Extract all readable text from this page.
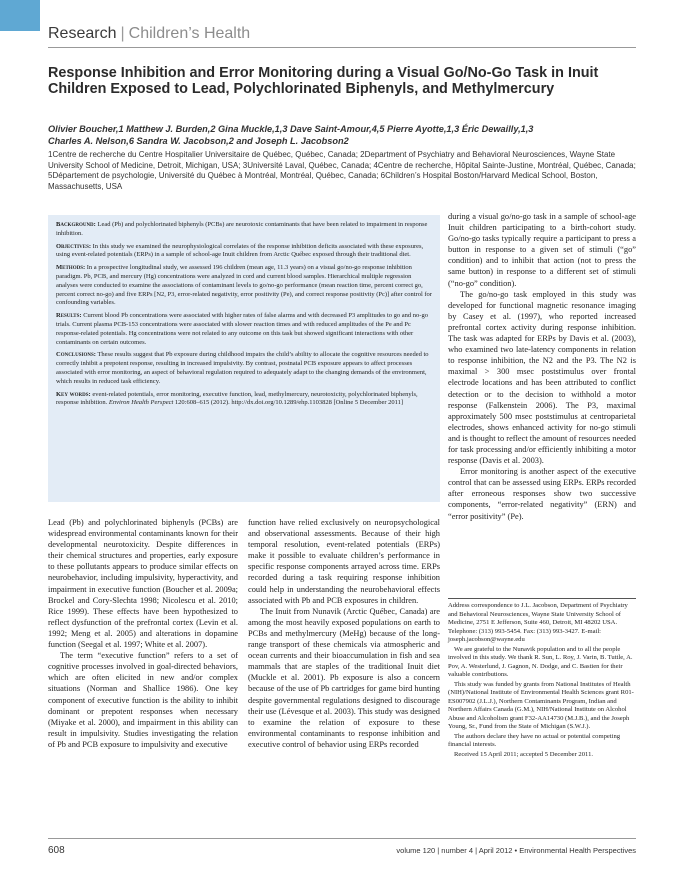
Research | Children’s Health
Response Inhibition and Error Monitoring during a Visual Go/No-Go Task in Inuit Children Exposed to Lead, Polychlorinated Biphenyls, and Methylmercury
Olivier Boucher,1 Matthew J. Burden,2 Gina Muckle,1,3 Dave Saint-Amour,4,5 Pierre Ayotte,1,3 Éric Dewailly,1,3
Charles A. Nelson,6 Sandra W. Jacobson,2 and Joseph L. Jacobson2
1Centre de recherche du Centre Hospitalier Universitaire de Québec, Québec, Canada; 2Department of Psychiatry and Behavioral Neurosciences, Wayne State University School of Medicine, Detroit, Michigan, USA; 3Université Laval, Québec, Canada; 4Centre de recherche, Hôpital Sainte-Justine, Montréal, Québec, Canada; 5Département de psychologie, Université du Québec à Montréal, Montréal, Québec, Canada; 6Children’s Hospital Boston/Harvard Medical School, Boston, Massachusetts, USA

Background: Lead (Pb) and polychlorinated biphenyls (PCBs) are neurotoxic contaminants that have been related to impairment in response inhibition.

Objectives: In this study we examined the neurophysiological correlates of the response inhibition deficits associated with these exposures, using event-related potentials (ERPs) in a sample of school-age Inuit children from Arctic Québec exposed through their traditional diet.

Methods: In a prospective longitudinal study, we assessed 196 children (mean age, 11.3 years) on a visual go/no-go response inhibition paradigm. Pb, PCB, and mercury (Hg) concentrations were analyzed in cord and current blood samples. Hierarchical multiple regression analyses were conducted to examine the associations of contaminant levels to go/no-go performance (mean reaction time, percent correct go, percent correct no-go) and five ERPs [N2, P3, error-related negativity, error positivity (Pe), and correct response positivity (Pc)] after control for confounding variables.

Results: Current blood Pb concentrations were associated with higher rates of false alarms and with decreased P3 amplitudes to go and no-go trials. Current plasma PCB-153 concentrations were associated with slower reaction times and with reduced amplitudes of the Pe and Pc response-related potentials. Hg concentrations were not related to any outcome on this task but showed significant interactions with other contaminants on certain outcomes.

Conclusions: These results suggest that Pb exposure during childhood impairs the child’s ability to allocate the cognitive resources needed to correctly inhibit a prepotent response, resulting in increased impulsivity. By contrast, postnatal PCB exposure appears to affect processes associated with error monitoring, an aspect of behavioral regulation required to adequately adapt to the changing demands of the environment, which results in reduced task efficiency.

Key words: event-related potentials, error monitoring, executive function, lead, methylmercury, neurotoxicity, polychlorinated biphenyls, response inhibition. Environ Health Perspect 120:608–615 (2012). http://dx.doi.org/10.1289/ehp.1103828 [Online 5 December 2011]

Lead (Pb) and polychlorinated biphenyls (PCBs) are widespread environmental contaminants known for their developmental neurotoxicity. Despite differences in their chemical structures and properties, early exposure to these pollutants appears to produce similar effects on neurobehavior, including impulsivity, hyperactivity, and impairment in executive function (Boucher et al. 2009a; Brockel and Cory-Slechta 1998; Nicolescu et al. 2010; Rice 1999). These effects have been hypothesized to reflect dysfunction of the prefrontal cortex (Levin et al. 1992; Meng et al. 2005) and alterations in dopamine function (Seegal et al. 1997; White et al. 2007).

The term “executive function” refers to a set of cognitive processes involved in goal-directed behaviors, which are often elicited in new and/or complex situations (Norman and Shallice 1986). One key component of executive function is the ability to inhibit dominant or prepotent responses when necessary (Miyake et al. 2000), and impairment in this ability can result in impulsivity. Studies investigating the relation of Pb and PCB exposure to impulsivity and executive

function have relied exclusively on neuropsychological and observational assessments. Because of their high temporal resolution, event-related potentials (ERPs) make it possible to evaluate children’s performance in specific response components arrayed across time. ERPs recorded during a task requiring response inhibition could help in understanding the neurobehavioral effects associated with Pb and PCB exposures in children.

The Inuit from Nunavik (Arctic Québec, Canada) are among the most heavily exposed populations on earth to PCBs and methylmercury (MeHg) because of the long-range transport of these chemicals via atmospheric and ocean currents and their bioaccumulation in fish and sea mammals that are staples of the traditional Inuit diet (Muckle et al. 2001). Pb exposure is also a concern because of the use of Pb cartridges for game bird hunting despite governmental regulations designed to discourage their use (Lévesque et al. 2003). This study was designed to examine the relation of exposure to these environmental contaminants to response inhibition and executive control of behavior using ERPs recorded

during a visual go/no-go task in a sample of school-age Inuit children participating to a birth-cohort study. Go/no-go tasks typically require a participant to press a button in response to a given set of stimuli (“go” condition) and to inhibit that action (not to press the same button) in response to a different set of stimuli (“no-go” condition).

The go/no-go task employed in this study was developed for functional magnetic resonance imaging by Casey et al. (1997), who reported increased prefrontal cortex activity during response inhibition. The task was adapted for ERPs by Davis et al. (2003), who examined two late-latency components in relation to response inhibition, the N2 and the P3. The N2 is maximal > 300 msec poststimulus over frontal electrode locations and has been attributed to conflict detection or to the decision to withhold a motor response (Falkenstein 2006). The P3, maximal approximately 500 msec poststimulus at centroparietal electrodes, shows enhanced activity for no-go stimuli and is thought to reflect the amount of resources needed for task processing and/or efficiently inhibiting a motor response (Davis et al. 2003).

Error monitoring is another aspect of the executive control that can be assessed using ERPs. ERPs recorded after erroneous responses show two successive components, “error-related negativity” (ERN) and “error positivity” (Pe).

Address correspondence to J.L. Jacobson, Department of Psychiatry and Behavioral Neurosciences, Wayne State University School of Medicine, 2751 E Jefferson, Suite 460, Detroit, MI 48202 USA. Telephone: (313) 993-5454. Fax: (313) 993-3427. E-mail: joseph.jacobson@wayne.edu

We are grateful to the Nunavik population and to all the people involved in this study. We thank R. Sun, L. Roy, J. Varin, B. Tuttle, A. Pov, A. Westerlund, J. Gagnon, N. Dodge, and C. Bastien for their valuable contributions.

This study was funded by grants from National Institutes of Health (NIH)/National Institute of Environmental Health Sciences grant R01-ES007902 (J.L.J.), Northern Contaminants Program, Indian and Northern Affairs Canada (G.M.), NIH/National Institute on Alcohol Abuse and Alcoholism grant F32-AA14730 (M.J.B.), and the Joseph Young, Sr., Fund from the State of Michigan (S.W.J.).

The authors declare they have no actual or potential competing financial interests.

Received 15 April 2011; accepted 5 December 2011.

608	volume 120 | number 4 | April 2012 • Environmental Health Perspectives
